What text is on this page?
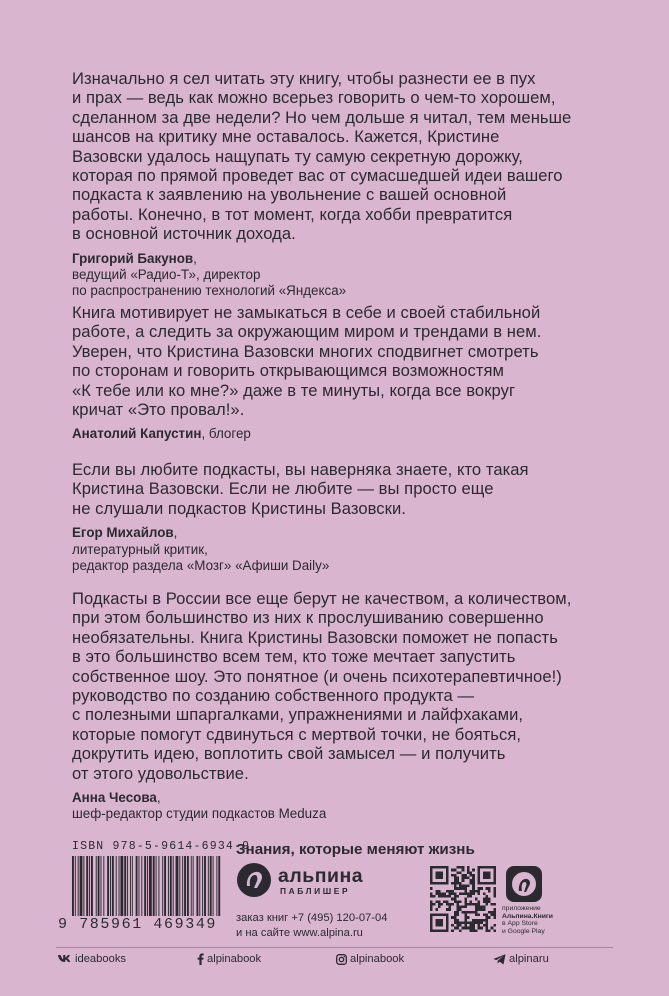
Изначально я сел читать эту книгу, чтобы разнести ее в пух
и прах — ведь как можно всерьез говорить о чем-то хорошем,
сделанном за две недели? Но чем дольше я читал, тем меньше
шансов на критику мне оставалось. Кажется, Кристине
Вазовски удалось нащупать ту самую секретную дорожку,
которая по прямой проведет вас от сумасшедшей идеи вашего
подкаста к заявлению на увольнение с вашей основной
работы. Конечно, в тот момент, когда хобби превратится
в основной источник дохода.

Григорий Бакунов,
ведущий «Радио-Т», директор
по распространению технологий «Яндекса»

Книга мотивирует не замыкаться в себе и своей стабильной
работе, а следить за окружающим миром и трендами в нем.
Уверен, что Кристина Вазовски многих сподвигнет смотреть
по сторонам и говорить открывающимся возможностям
«К тебе или ко мне?» даже в те минуты, когда все вокруг
кричат «Это провал!».

Анатолий Капустин, блогер

Если вы любите подкасты, вы наверняка знаете, кто такая
Кристина Вазовски. Если не любите — вы просто еще
не слушали подкастов Кристины Вазовски.

Егор Михайлов,
литературный критик,
редактор раздела «Мозг» «Афиши Daily»

Подкасты в России все еще берут не качеством, а количеством,
при этом большинство из них к прослушиванию совершенно
необязательны. Книга Кристины Вазовски поможет не попасть
в это большинство всем тем, кто тоже мечтает запустить
собственное шоу. Это понятное (и очень психотерапевтичное!)
руководство по созданию собственного продукта —
с полезными шпаргалками, упражнениями и лайфхаками,
которые помогут сдвинуться с мертвой точки, не бояться,
докрутить идею, воплотить свой замысел — и получить
от этого удовольствие.

Анна Чесова,
шеф-редактор студии подкастов Meduza
ISBN 978-5-9614-6934-9
9 785961 469349
Знания, которые меняют жизнь
альпина
ПАБЛИШЕР
заказ книг +7 (495) 120-07-04
и на сайте www.alpina.ru
приложение
Альпина.Книги
в App Store
и Google Play
ideabooks	alpinabook	alpinabook	alpinaru
